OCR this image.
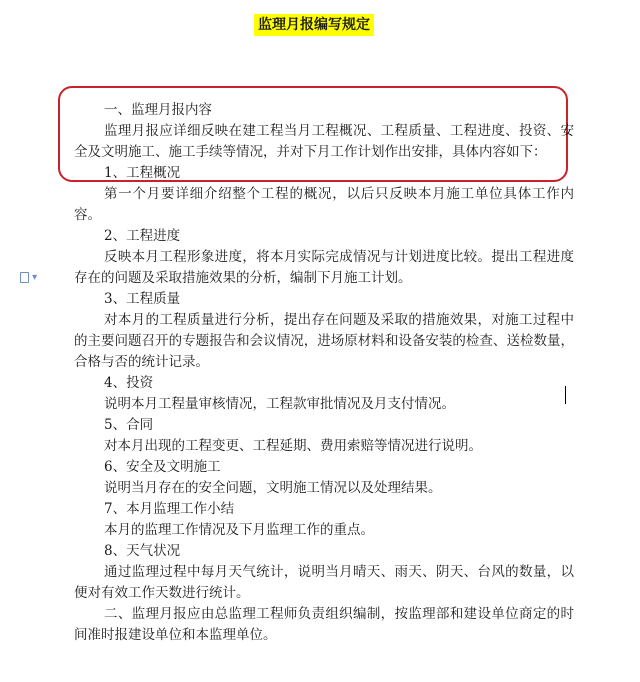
监理月报编写规定
▾
一、监理月报内容
监理月报应详细反映在建工程当月工程概况、工程质量、工程进度、投资、安全及文明施工、施工手续等情况，并对下月工作计划作出安排，具体内容如下：
1、工程概况
第一个月要详细介绍整个工程的概况，以后只反映本月施工单位具体工作内容。
2、工程进度
反映本月工程形象进度，将本月实际完成情况与计划进度比较。提出工程进度存在的问题及采取措施效果的分析，编制下月施工计划。
3、工程质量
对本月的工程质量进行分析，提出存在问题及采取的措施效果，对施工过程中的主要问题召开的专题报告和会议情况，进场原材料和设备安装的检查、送检数量，合格与否的统计记录。
4、投资
说明本月工程量审核情况，工程款审批情况及月支付情况。
5、合同
对本月出现的工程变更、工程延期、费用索赔等情况进行说明。
6、安全及文明施工
说明当月存在的安全问题，文明施工情况以及处理结果。
7、本月监理工作小结
本月的监理工作情况及下月监理工作的重点。
8、天气状况
通过监理过程中每月天气统计，说明当月晴天、雨天、阴天、台风的数量，以便对有效工作天数进行统计。
二、监理月报应由总监理工程师负责组织编制，按监理部和建设单位商定的时间准时报建设单位和本监理单位。
